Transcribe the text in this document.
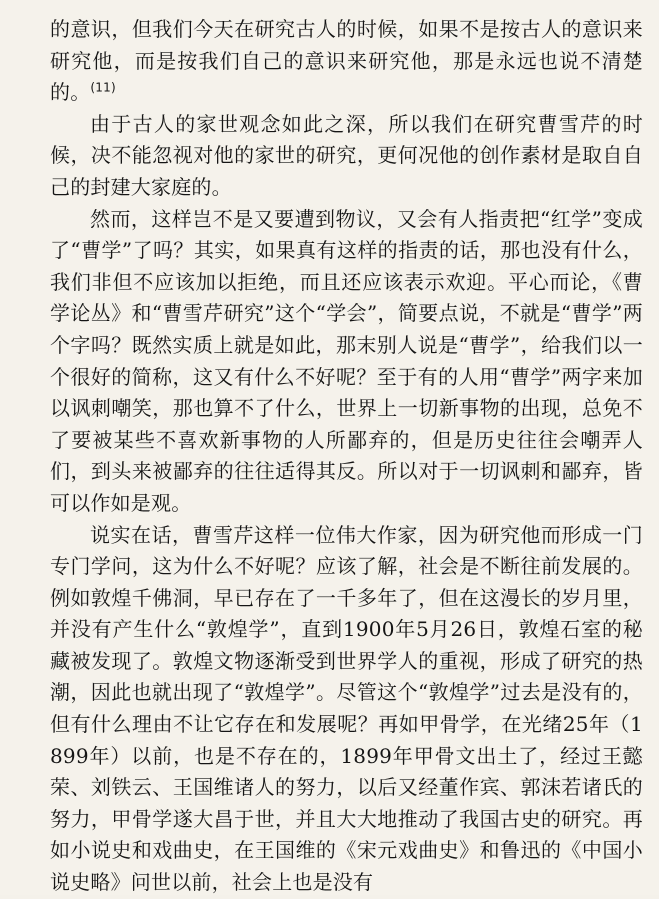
的意识，但我们今天在研究古人的时候，如果不是按古人的意识来研究他，而是按我们自己的意识来研究他，那是永远也说不清楚的。$^{(11)}$

由于古人的家世观念如此之深，所以我们在研究曹雪芹的时候，决不能忽视对他的家世的研究，更何况他的创作素材是取自自己的封建大家庭的。

然而，这样岂不是又要遭到物议，又会有人指责把“红学”变成了“曹学”了吗？其实，如果真有这样的指责的话，那也没有什么，我们非但不应该加以拒绝，而且还应该表示欢迎。平心而论，《曹学论丛》和“曹雪芹研究”这个“学会”，简要点说，不就是“曹学”两个字吗？既然实质上就是如此，那末别人说是“曹学”，给我们以一个很好的简称，这又有什么不好呢？至于有的人用“曹学”两字来加以讽刺嘲笑，那也算不了什么，世界上一切新事物的出现，总免不了要被某些不喜欢新事物的人所鄙弃的，但是历史往往会嘲弄人们，到头来被鄙弃的往往适得其反。所以对于一切讽刺和鄙弃，皆可以作如是观。

说实在话，曹雪芹这样一位伟大作家，因为研究他而形成一门专门学问，这为什么不好呢？应该了解，社会是不断往前发展的。例如敦煌千佛洞，早已存在了一千多年了，但在这漫长的岁月里，并没有产生什么“敦煌学”，直到1900年5月26日，敦煌石室的秘藏被发现了。敦煌文物逐渐受到世界学人的重视，形成了研究的热潮，因此也就出现了“敦煌学”。尽管这个“敦煌学”过去是没有的，但有什么理由不让它存在和发展呢？再如甲骨学，在光绪25年（1899年）以前，也是不存在的，1899年甲骨文出土了，经过王懿荣、刘铁云、王国维诸人的努力，以后又经董作宾、郭沫若诸氏的努力，甲骨学遂大昌于世，并且大大地推动了我国古史的研究。再如小说史和戏曲史，在王国维的《宋元戏曲史》和鲁迅的《中国小说史略》问世以前，社会上也是没有
